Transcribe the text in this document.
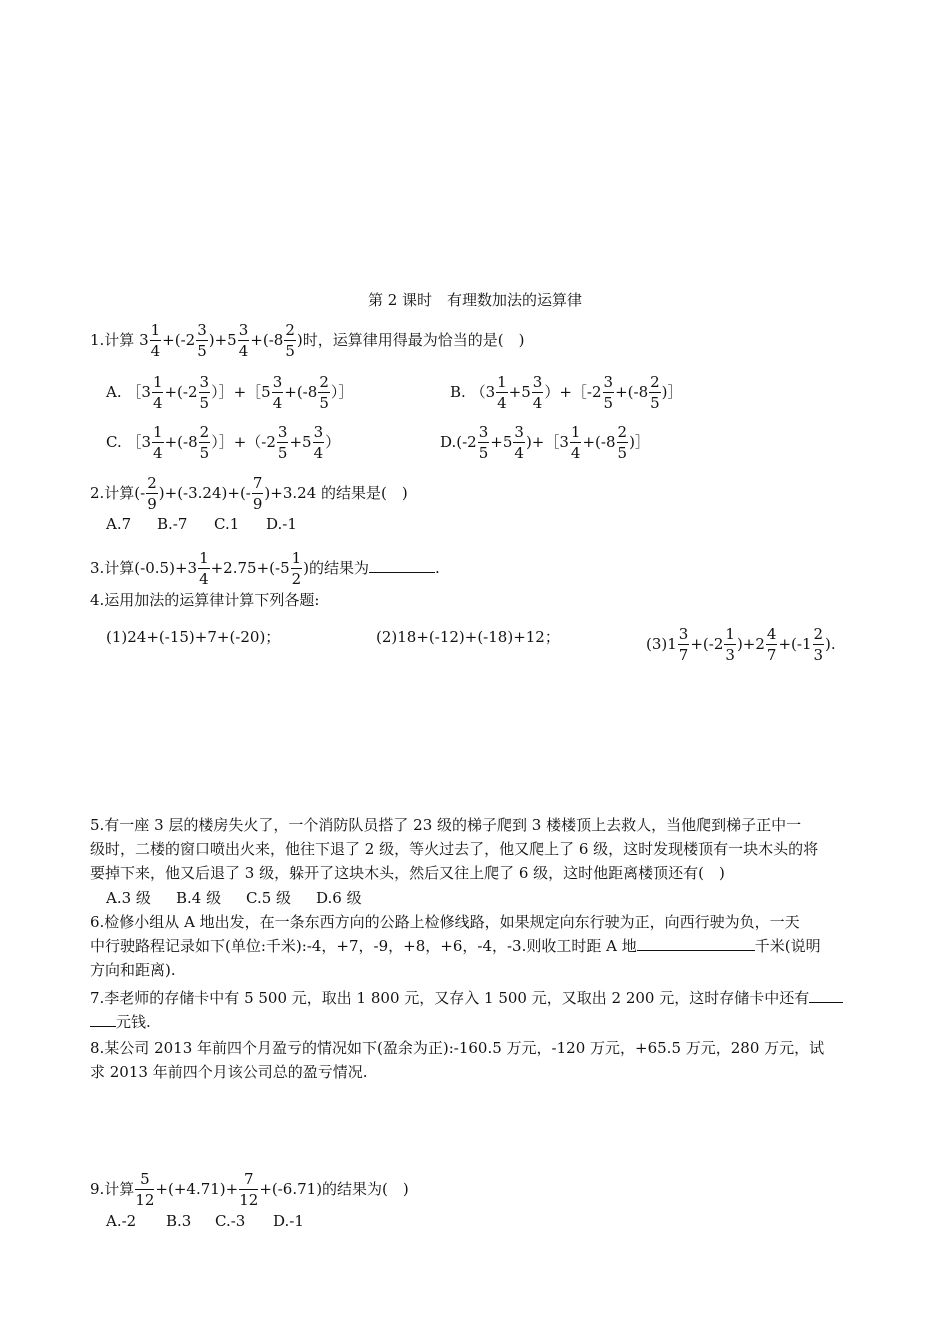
第 2 课时　有理数加法的运算律
1.计算 $3 \frac{1}{4} +(-2 \frac{3}{5} )+5 \frac{3}{4} +(-8 \frac{2}{5}$ )时，运算律用得最为恰当的是(　)
A. ［3 $\frac{1}{4} +(-2 \frac{3}{5}$ ）］+［5 $\frac{3}{4} +(-8 \frac{2}{5}$ ）］	B. （$3 \frac{1}{4} +5 \frac{3}{4}$ ）+［-2 $\frac{3}{5} +(-8 \frac{2}{5}$ )］
C. ［3 $\frac{1}{4} +(-8 \frac{2}{5}$ ）］+（-2 $\frac{3}{5} +5 \frac{3}{4}$ ）	$D.(-2 \frac{3}{5} +5 \frac{3}{4}$ )+［3 $\frac{1}{4} +(-8 \frac{2}{5}$ )］
2.计算(- $\frac{2}{9} )+(-3.24)+(- \frac{7}{9} )+3.24$ 的结果是(　)
A.7 B.-7 C.1 D.-1
3.计算$(-0.5)+3 \frac{1}{4} +2.75+(-5 \frac{1}{2}$ )的结果为	.
4.运用加法的运算律计算下列各题:
(1)24+(-15)+7+(-20)；	(2)18+(-12)+(-18)+12；	$(3)1 \frac{3}{7} +(-2 \frac{1}{3} )+2 \frac{4}{7} +(-1 \frac{2}{3}$ ).
5.有一座 3 层的楼房失火了，一个消防队员搭了 23 级的梯子爬到 3 楼楼顶上去救人，当他爬到梯子正中一
级时，二楼的窗口喷出火来，他往下退了 2 级，等火过去了，他又爬上了 6 级，这时发现楼顶有一块木头的将
要掉下来，他又后退了 3 级，躲开了这块木头，然后又往上爬了 6 级，这时他距离楼顶还有(　)
A.3 级 B.4 级 C.5 级 D.6 级
6.检修小组从 A 地出发，在一条东西方向的公路上检修线路，如果规定向东行驶为正，向西行驶为负，一天
中行驶路程记录如下(单位:千米):-4，+7，-9，+8，+6，-4，-3.则收工时距 A 地	千米(说明
方向和距离).
7.李老师的存储卡中有 5 500 元，取出 1 800 元，又存入 1 500 元，又取出 2 200 元，这时存储卡中还有
元钱.
8.某公司 2013 年前四个月盈亏的情况如下(盈余为正):-160.5 万元，-120 万元，+65.5 万元，280 万元，试
求 2013 年前四个月该公司总的盈亏情况.
9.计算 $\frac{5}{12} +(+4.71)+ \frac{7}{12} +(-6.71)$的结果为(　)
A.-2 B.3 C.-3 D.-1
